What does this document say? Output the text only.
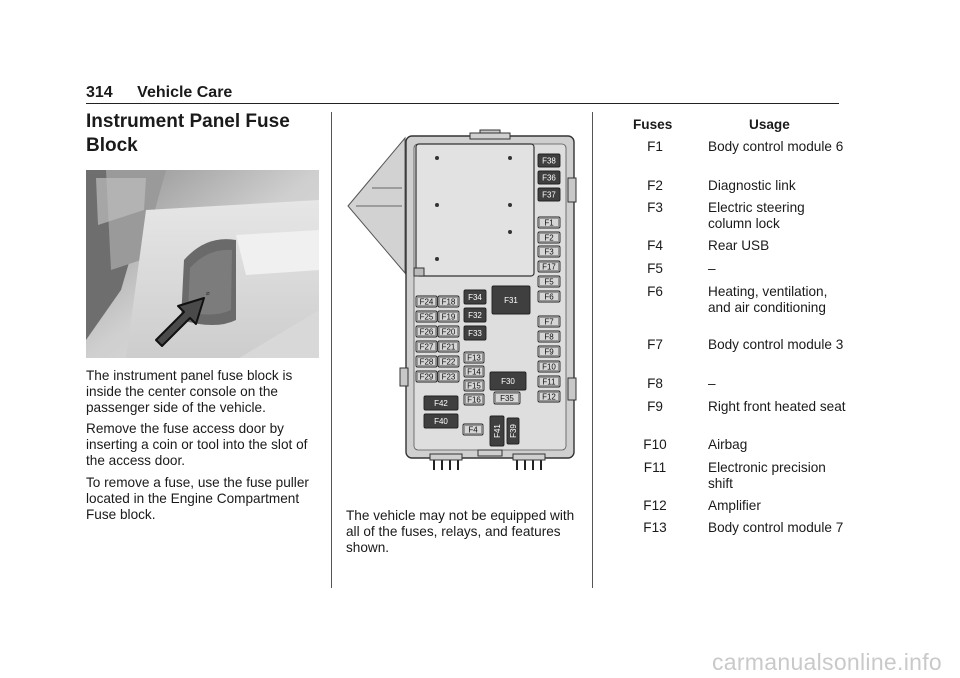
314 Vehicle Care
Instrument Panel Fuse Block
⌀
The instrument panel fuse block is inside the center console on the passenger side of the vehicle.
Remove the fuse access door by inserting a coin or tool into the slot of the access door.
To remove a fuse, use the fuse puller located in the Engine Compartment Fuse block.
F38
F36
F37
F1
F2
F3
F17
F5
F6
F7
F8
F9
F10
F11
F12
F24 F18
F25 F19
F26 F20
F27 F21
F28 F22
F29 F23
F34
F32
F33
F31
F13
F14
F15
F16
F30
F35
F42
F40
F4 F41 F39
The vehicle may not be equipped with all of the fuses, relays, and features shown.
Fuses	Usage
F1	Body control module 6
F2	Diagnostic link
F3	Electric steering column lock
F4	Rear USB
F5	–
F6	Heating, ventilation, and air conditioning
F7	Body control module 3
F8	–
F9	Right front heated seat
F10	Airbag
F11	Electronic precision shift
F12	Amplifier
F13	Body control module 7
carmanualsonline.info
